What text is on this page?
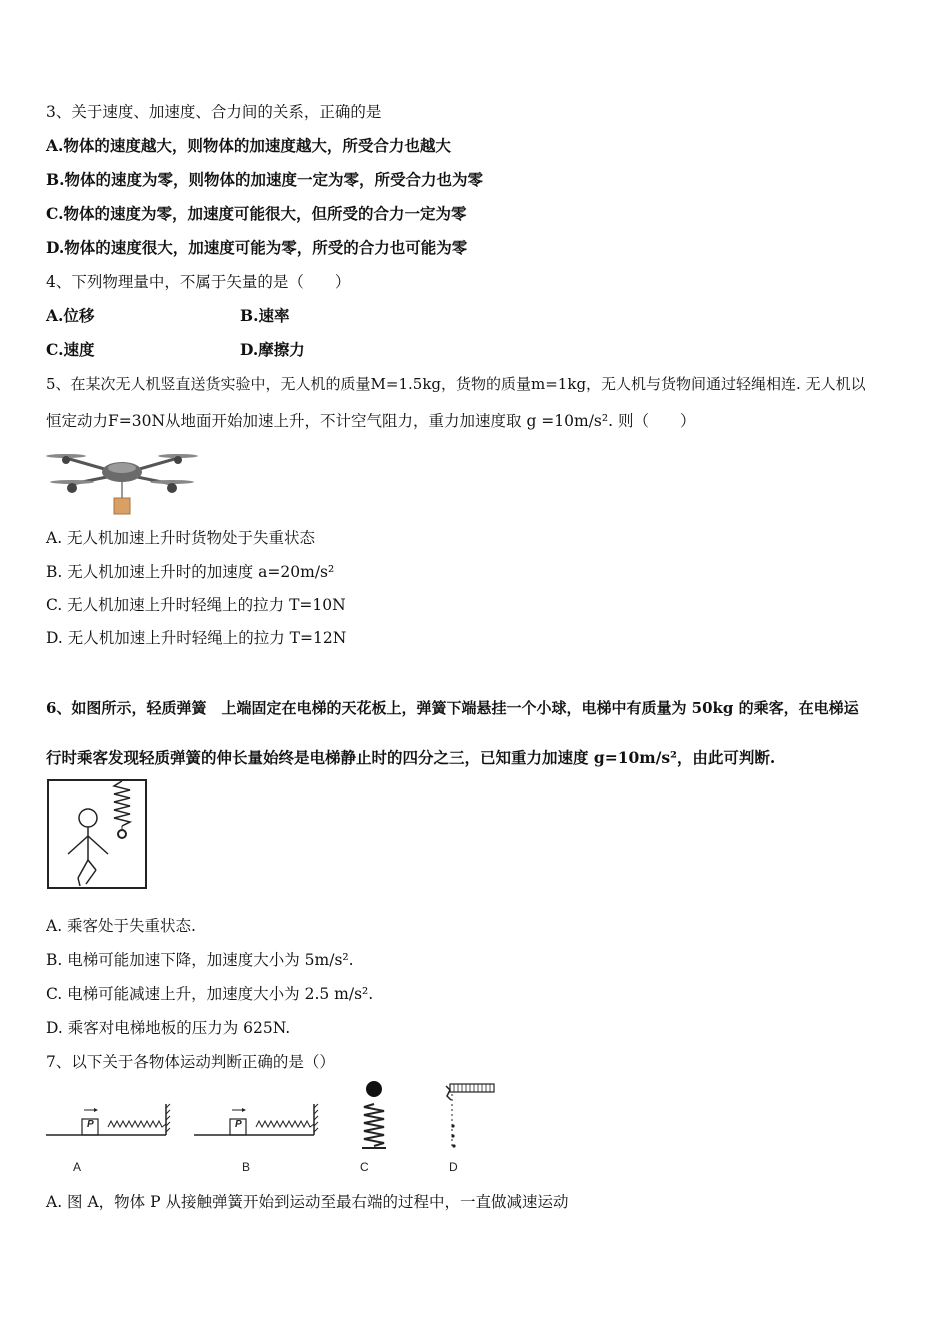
3、关于速度、加速度、合力间的关系，正确的是
A.物体的速度越大，则物体的加速度越大，所受合力也越大
B.物体的速度为零，则物体的加速度一定为零，所受合力也为零
C.物体的速度为零，加速度可能很大，但所受的合力一定为零
D.物体的速度很大，加速度可能为零，所受的合力也可能为零
4、下列物理量中，不属于矢量的是（　　）
A.位移	B.速率
C.速度	D.摩擦力
5、在某次无人机竖直送货实验中，无人机的质量M=1.5kg，货物的质量m=1kg，无人机与货物间通过轻绳相连. 无人机以
恒定动力F=30N从地面开始加速上升，不计空气阻力，重力加速度取 g =10m/s². 则（　　）
A. 无人机加速上升时货物处于失重状态
B. 无人机加速上升时的加速度 a=20m/s²
C. 无人机加速上升时轻绳上的拉力 T=10N
D. 无人机加速上升时轻绳上的拉力 T=12N
6、如图所示，轻质弹簧　上端固定在电梯的天花板上，弹簧下端悬挂一个小球，电梯中有质量为 50kg 的乘客，在电梯运
行时乘客发现轻质弹簧的伸长量始终是电梯静止时的四分之三，已知重力加速度 g=10m/s²，由此可判断.
A. 乘客处于失重状态.
B. 电梯可能加速下降，加速度大小为 5m/s².
C. 电梯可能减速上升，加速度大小为 2.5 m/s².
D. 乘客对电梯地板的压力为 625N.
7、以下关于各物体运动判断正确的是（）
P
A
P
B	C	D
A. 图 A，物体 P 从接触弹簧开始到运动至最右端的过程中，一直做减速运动
